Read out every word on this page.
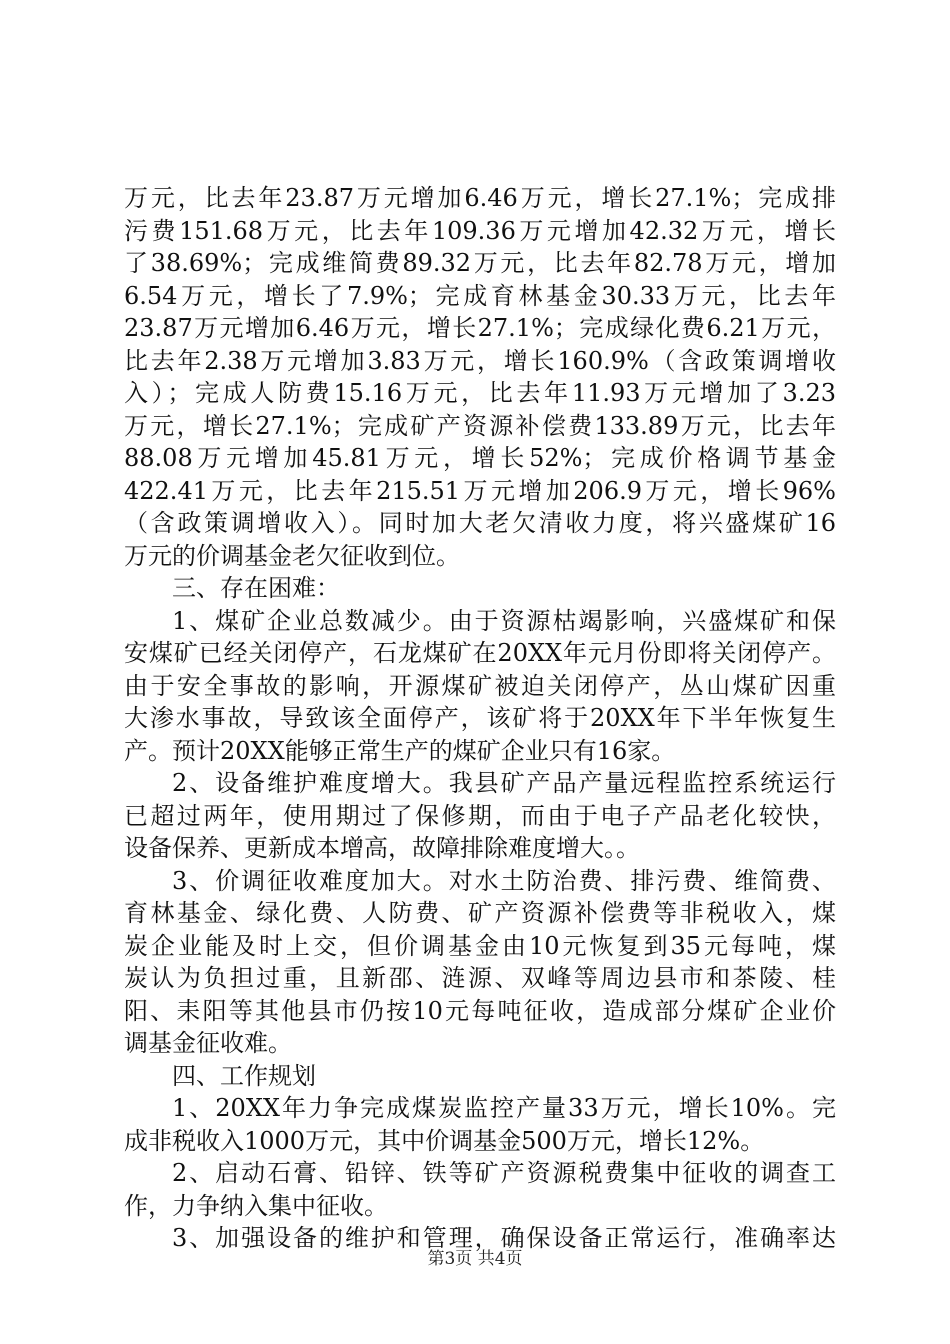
万元，比去年23.87万元增加6.46万元，增长27.1%；完成排
污费151.68万元，比去年109.36万元增加42.32万元，增长
了38.69%；完成维简费89.32万元，比去年82.78万元，增加
6.54万元，增长了7.9%；完成育林基金30.33万元，比去年
23.87万元增加6.46万元，增长27.1%；完成绿化费6.21万元，
比去年2.38万元增加3.83万元，增长160.9%（含政策调增收
入）；完成人防费15.16万元，比去年11.93万元增加了3.23
万元，增长27.1%；完成矿产资源补偿费133.89万元，比去年
88.08万元增加45.81万元，增长52%；完成价格调节基金
422.41万元，比去年215.51万元增加206.9万元，增长96%
（含政策调增收入）。同时加大老欠清收力度，将兴盛煤矿16
万元的价调基金老欠征收到位。
三、存在困难：
1、煤矿企业总数减少。由于资源枯竭影响，兴盛煤矿和保
安煤矿已经关闭停产，石龙煤矿在20XX年元月份即将关闭停产。
由于安全事故的影响，开源煤矿被迫关闭停产，丛山煤矿因重
大渗水事故，导致该全面停产，该矿将于20XX年下半年恢复生
产。预计20XX能够正常生产的煤矿企业只有16家。
2、设备维护难度增大。我县矿产品产量远程监控系统运行
已超过两年，使用期过了保修期，而由于电子产品老化较快，
设备保养、更新成本增高，故障排除难度增大。。
3、价调征收难度加大。对水土防治费、排污费、维简费、
育林基金、绿化费、人防费、矿产资源补偿费等非税收入，煤
炭企业能及时上交，但价调基金由10元恢复到35元每吨，煤
炭认为负担过重，且新邵、涟源、双峰等周边县市和茶陵、桂
阳、耒阳等其他县市仍按10元每吨征收，造成部分煤矿企业价
调基金征收难。
四、工作规划
1、20XX年力争完成煤炭监控产量33万元，增长10%。完
成非税收入1000万元，其中价调基金500万元，增长12%。
2、启动石膏、铅锌、铁等矿产资源税费集中征收的调查工
作，力争纳入集中征收。
3、加强设备的维护和管理，确保设备正常运行，准确率达
第3页 共4页
